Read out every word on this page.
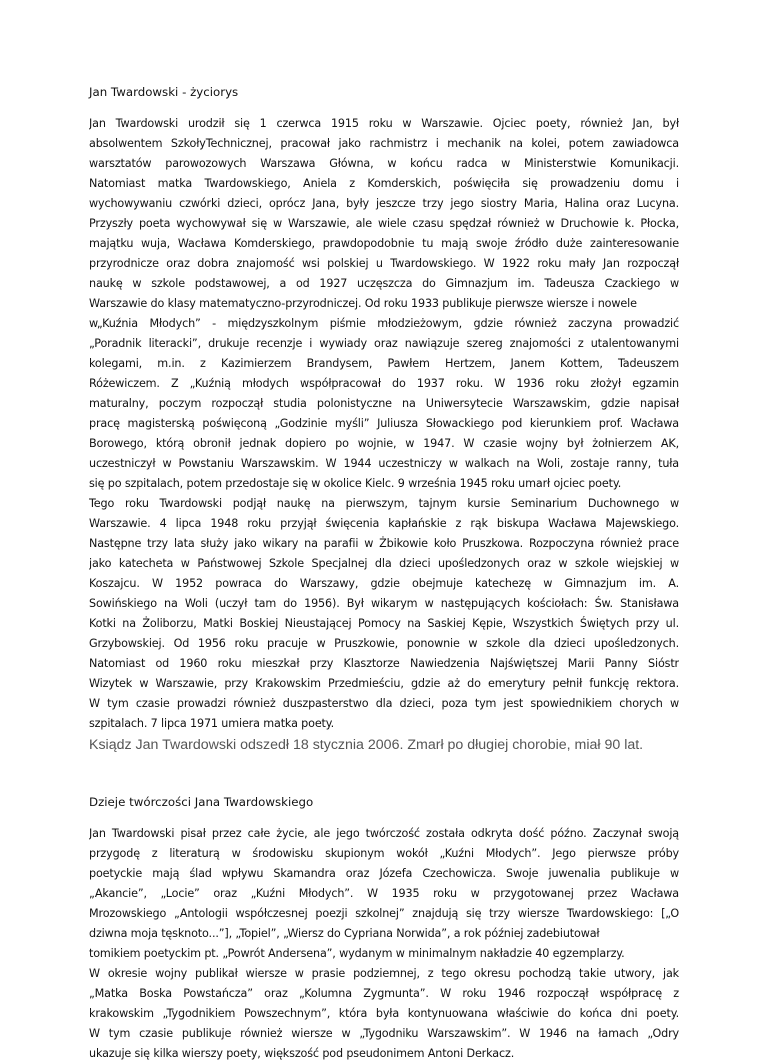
Jan Twardowski - życiorys
Jan Twardowski urodził się 1 czerwca 1915 roku w Warszawie. Ojciec poety, również Jan, był
absolwentem SzkołyTechnicznej, pracował jako rachmistrz i mechanik na kolei, potem zawiadowca
warsztatów parowozowych Warszawa Główna, w końcu radca w Ministerstwie Komunikacji.
Natomiast matka Twardowskiego, Aniela z Komderskich, poświęciła się prowadzeniu domu i
wychowywaniu czwórki dzieci, oprócz Jana, były jeszcze trzy jego siostry Maria, Halina oraz Lucyna.
Przyszły poeta wychowywał się w Warszawie, ale wiele czasu spędzał również w Druchowie k. Płocka,
majątku wuja, Wacława Komderskiego, prawdopodobnie tu mają swoje źródło duże zainteresowanie
przyrodnicze oraz dobra znajomość wsi polskiej u Twardowskiego. W 1922 roku mały Jan rozpoczął
naukę w szkole podstawowej, a od 1927 uczęszcza do Gimnazjum im. Tadeusza Czackiego w
Warszawie do klasy matematyczno-przyrodniczej. Od roku 1933 publikuje pierwsze wiersze i nowele
w„Kuźnia Młodych” - międzyszkolnym piśmie młodzieżowym, gdzie również zaczyna prowadzić
„Poradnik literacki”, drukuje recenzje i wywiady oraz nawiązuje szereg znajomości z utalentowanymi
kolegami, m.in. z Kazimierzem Brandysem, Pawłem Hertzem, Janem Kottem, Tadeuszem
Różewiczem. Z „Kuźnią młodych współpracował do 1937 roku. W 1936 roku złożył egzamin
maturalny, poczym rozpoczął studia polonistyczne na Uniwersytecie Warszawskim, gdzie napisał
pracę magisterską poświęconą „Godzinie myśli” Juliusza Słowackiego pod kierunkiem prof. Wacława
Borowego, którą obronił jednak dopiero po wojnie, w 1947. W czasie wojny był żołnierzem AK,
uczestniczył w Powstaniu Warszawskim. W 1944 uczestniczy w walkach na Woli, zostaje ranny, tuła
się po szpitalach, potem przedostaje się w okolice Kielc. 9 września 1945 roku umarł ojciec poety.
Tego roku Twardowski podjął naukę na pierwszym, tajnym kursie Seminarium Duchownego w
Warszawie. 4 lipca 1948 roku przyjął święcenia kapłańskie z rąk biskupa Wacława Majewskiego.
Następne trzy lata służy jako wikary na parafii w Żbikowie koło Pruszkowa. Rozpoczyna również prace
jako katecheta w Państwowej Szkole Specjalnej dla dzieci upośledzonych oraz w szkole wiejskiej w
Koszajcu. W 1952 powraca do Warszawy, gdzie obejmuje katechezę w Gimnazjum im. A.
Sowińskiego na Woli (uczył tam do 1956). Był wikarym w następujących kościołach: Św. Stanisława
Kotki na Żoliborzu, Matki Boskiej Nieustającej Pomocy na Saskiej Kępie, Wszystkich Świętych przy ul.
Grzybowskiej. Od 1956 roku pracuje w Pruszkowie, ponownie w szkole dla dzieci upośledzonych.
Natomiast od 1960 roku mieszkał przy Klasztorze Nawiedzenia Najświętszej Marii Panny Sióstr
Wizytek w Warszawie, przy Krakowskim Przedmieściu, gdzie aż do emerytury pełnił funkcję rektora.
W tym czasie prowadzi również duszpasterstwo dla dzieci, poza tym jest spowiednikiem chorych w
szpitalach. 7 lipca 1971 umiera matka poety.
Ksiądz Jan Twardowski odszedł 18 stycznia 2006. Zmarł po długiej chorobie, miał 90 lat.
Dzieje twórczości Jana Twardowskiego
Jan Twardowski pisał przez całe życie, ale jego twórczość została odkryta dość późno. Zaczynał swoją
przygodę z literaturą w środowisku skupionym wokół „Kuźni Młodych”. Jego pierwsze próby
poetyckie mają ślad wpływu Skamandra oraz Józefa Czechowicza. Swoje juwenalia publikuje w
„Akancie”, „Locie” oraz „Kuźni Młodych”. W 1935 roku w przygotowanej przez Wacława
Mrozowskiego „Antologii współczesnej poezji szkolnej” znajdują się trzy wiersze Twardowskiego: [„O
dziwna moja tęsknoto...”], „Topiel”, „Wiersz do Cypriana Norwida”, a rok później zadebiutował
tomikiem poetyckim pt. „Powrót Andersena”, wydanym w minimalnym nakładzie 40 egzemplarzy.
W okresie wojny publikał wiersze w prasie podziemnej, z tego okresu pochodzą takie utwory, jak
„Matka Boska Powstańcza” oraz „Kolumna Zygmunta”. W roku 1946 rozpoczął współpracę z
krakowskim „Tygodnikiem Powszechnym”, która była kontynuowana właściwie do końca dni poety.
W tym czasie publikuje również wiersze w „Tygodniku Warszawskim”. W 1946 na łamach „Odry
ukazuje się kilka wierszy poety, większość pod pseudonimem Antoni Derkacz.
